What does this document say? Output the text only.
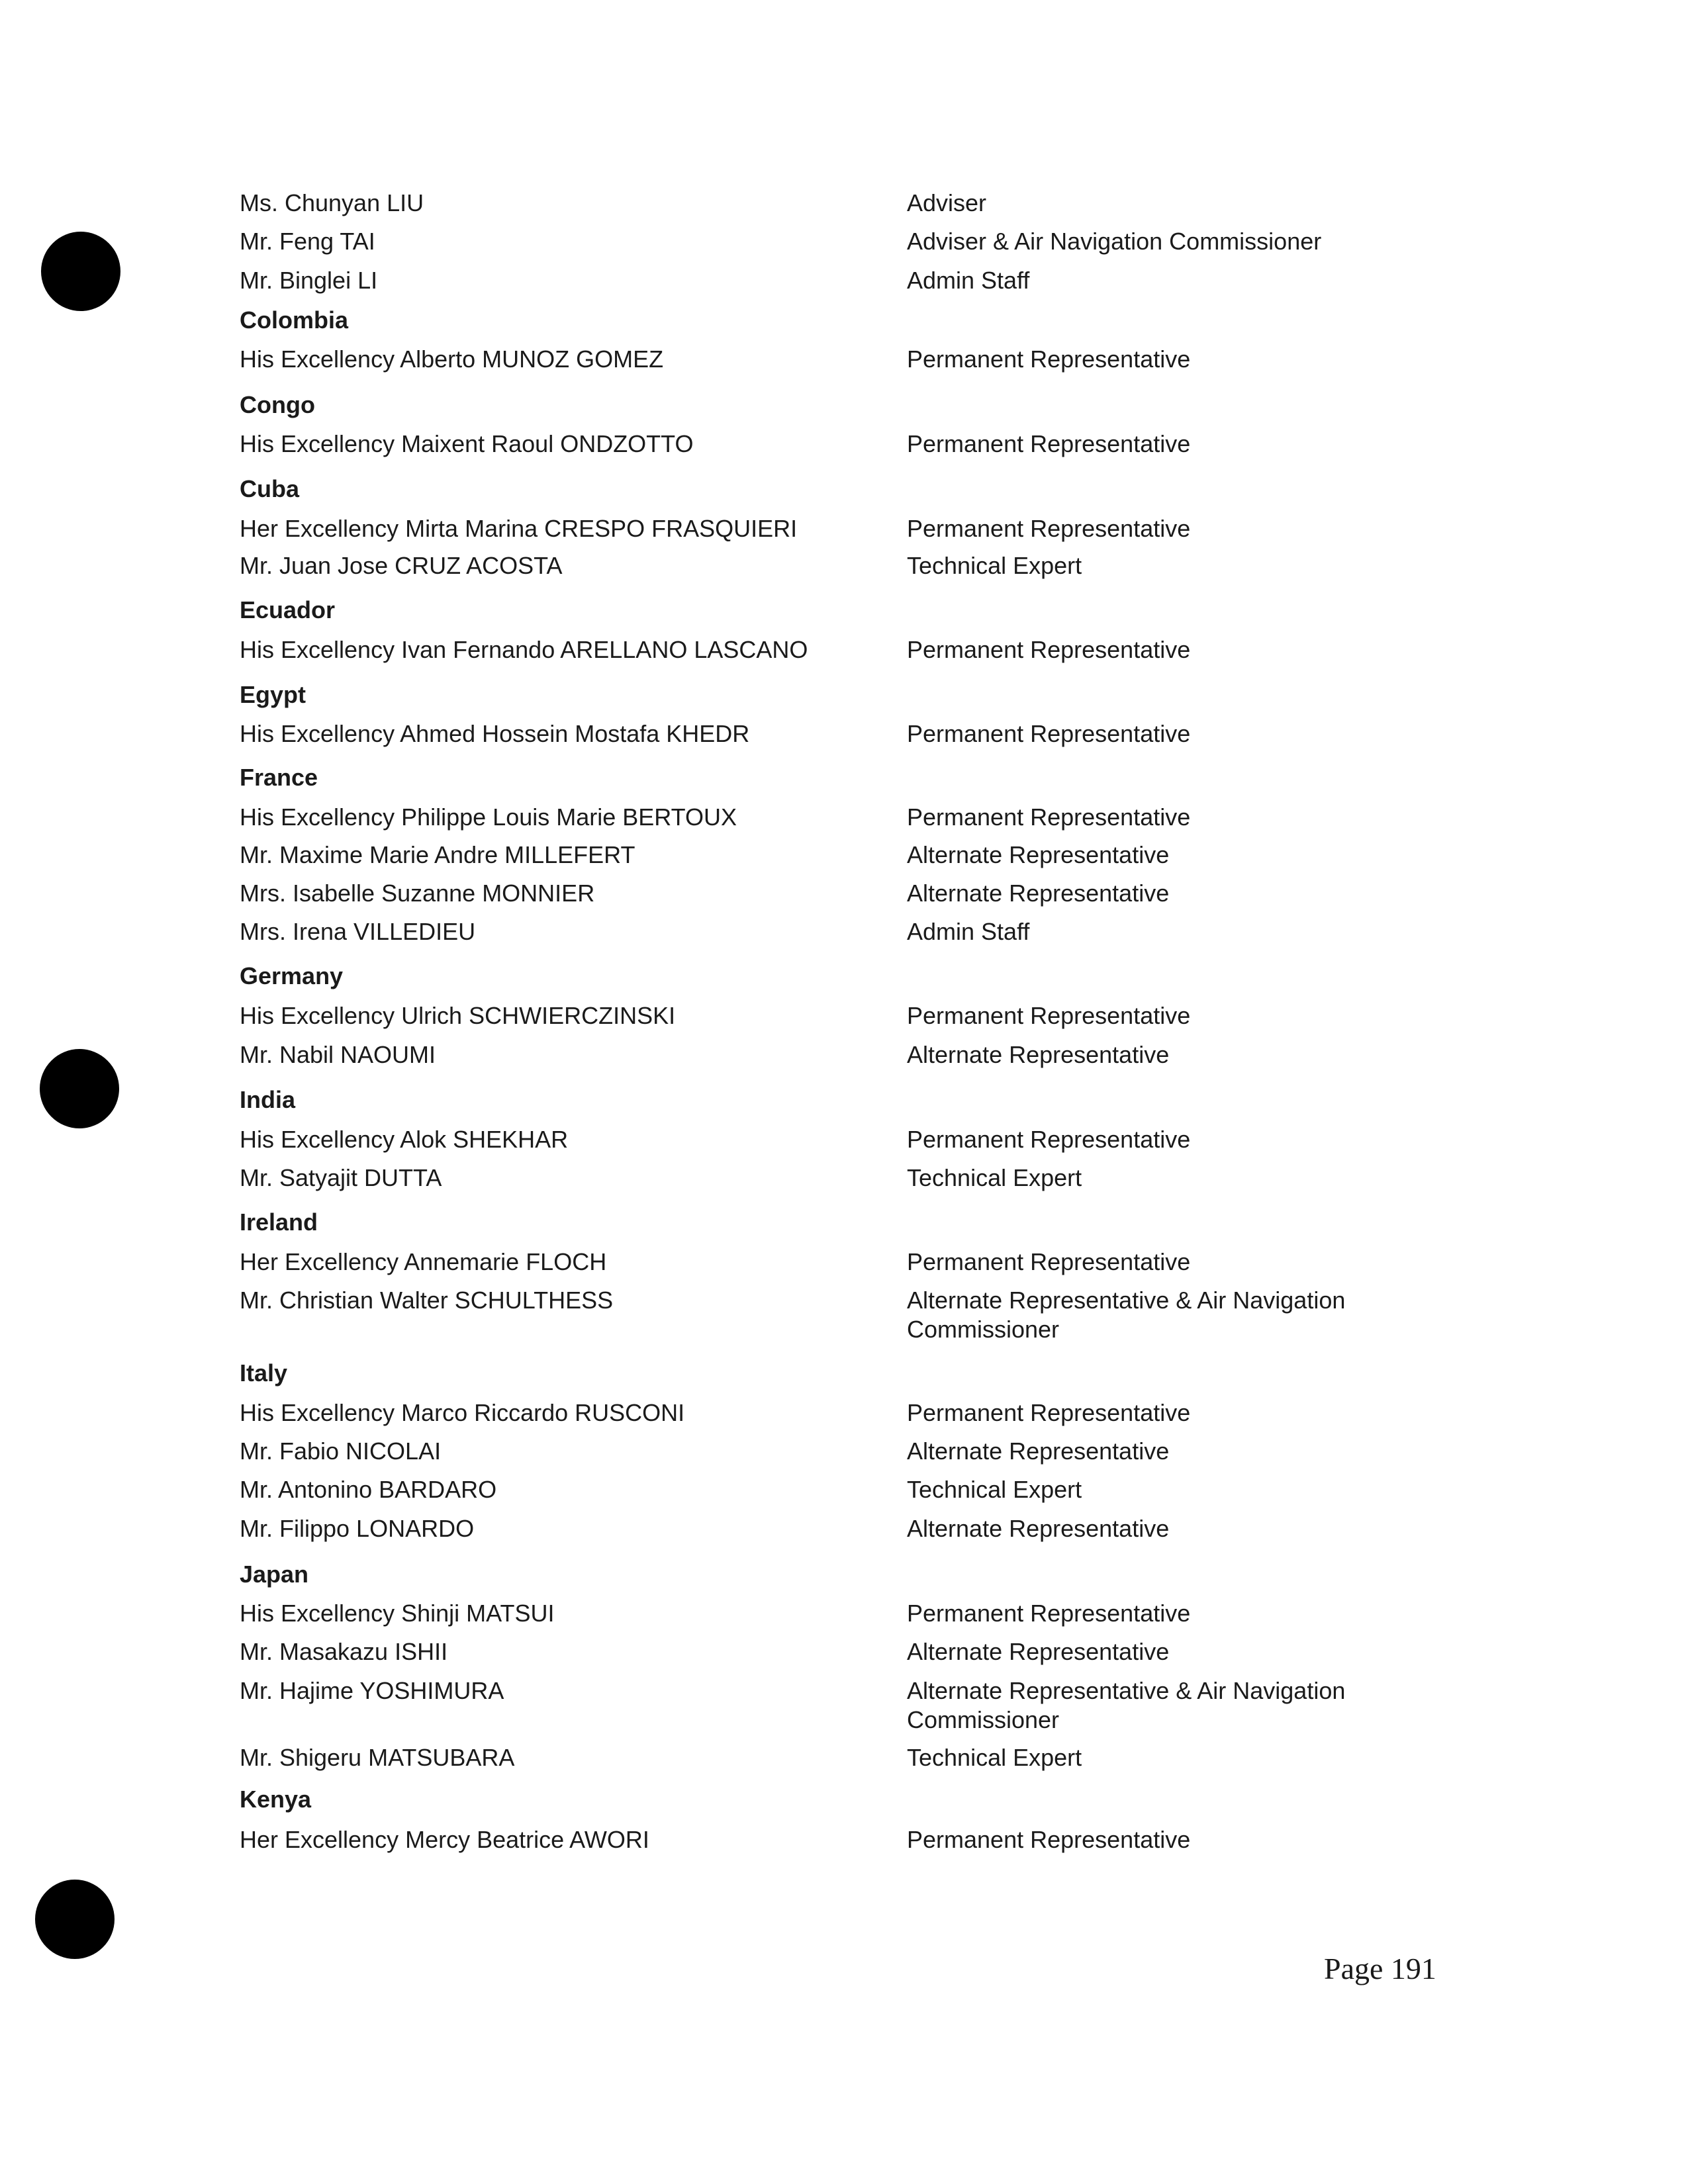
Ms. Chunyan LIU	Adviser
Mr. Feng TAI	Adviser & Air Navigation Commissioner
Mr. Binglei LI	Admin Staff
Colombia
His Excellency Alberto MUNOZ GOMEZ	Permanent Representative
Congo
His Excellency Maixent Raoul ONDZOTTO	Permanent Representative
Cuba
Her Excellency Mirta Marina CRESPO FRASQUIERI	Permanent Representative
Mr. Juan Jose CRUZ ACOSTA	Technical Expert
Ecuador
His Excellency Ivan Fernando ARELLANO LASCANO	Permanent Representative
Egypt
His Excellency Ahmed Hossein Mostafa KHEDR	Permanent Representative
France
His Excellency Philippe Louis Marie BERTOUX	Permanent Representative
Mr. Maxime Marie Andre MILLEFERT	Alternate Representative
Mrs. Isabelle Suzanne MONNIER	Alternate Representative
Mrs. Irena VILLEDIEU	Admin Staff
Germany
His Excellency Ulrich SCHWIERCZINSKI	Permanent Representative
Mr. Nabil NAOUMI	Alternate Representative
India
His Excellency Alok SHEKHAR	Permanent Representative
Mr. Satyajit DUTTA	Technical Expert
Ireland
Her Excellency Annemarie FLOCH	Permanent Representative
Mr. Christian Walter SCHULTHESS	Alternate Representative & Air Navigation Commissioner
Italy
His Excellency Marco Riccardo RUSCONI	Permanent Representative
Mr. Fabio NICOLAI	Alternate Representative
Mr. Antonino BARDARO	Technical Expert
Mr. Filippo LONARDO	Alternate Representative
Japan
His Excellency Shinji MATSUI	Permanent Representative
Mr. Masakazu ISHII	Alternate Representative
Mr. Hajime YOSHIMURA	Alternate Representative & Air Navigation Commissioner
Mr. Shigeru MATSUBARA	Technical Expert
Kenya
Her Excellency Mercy Beatrice AWORI	Permanent Representative
Page 191
